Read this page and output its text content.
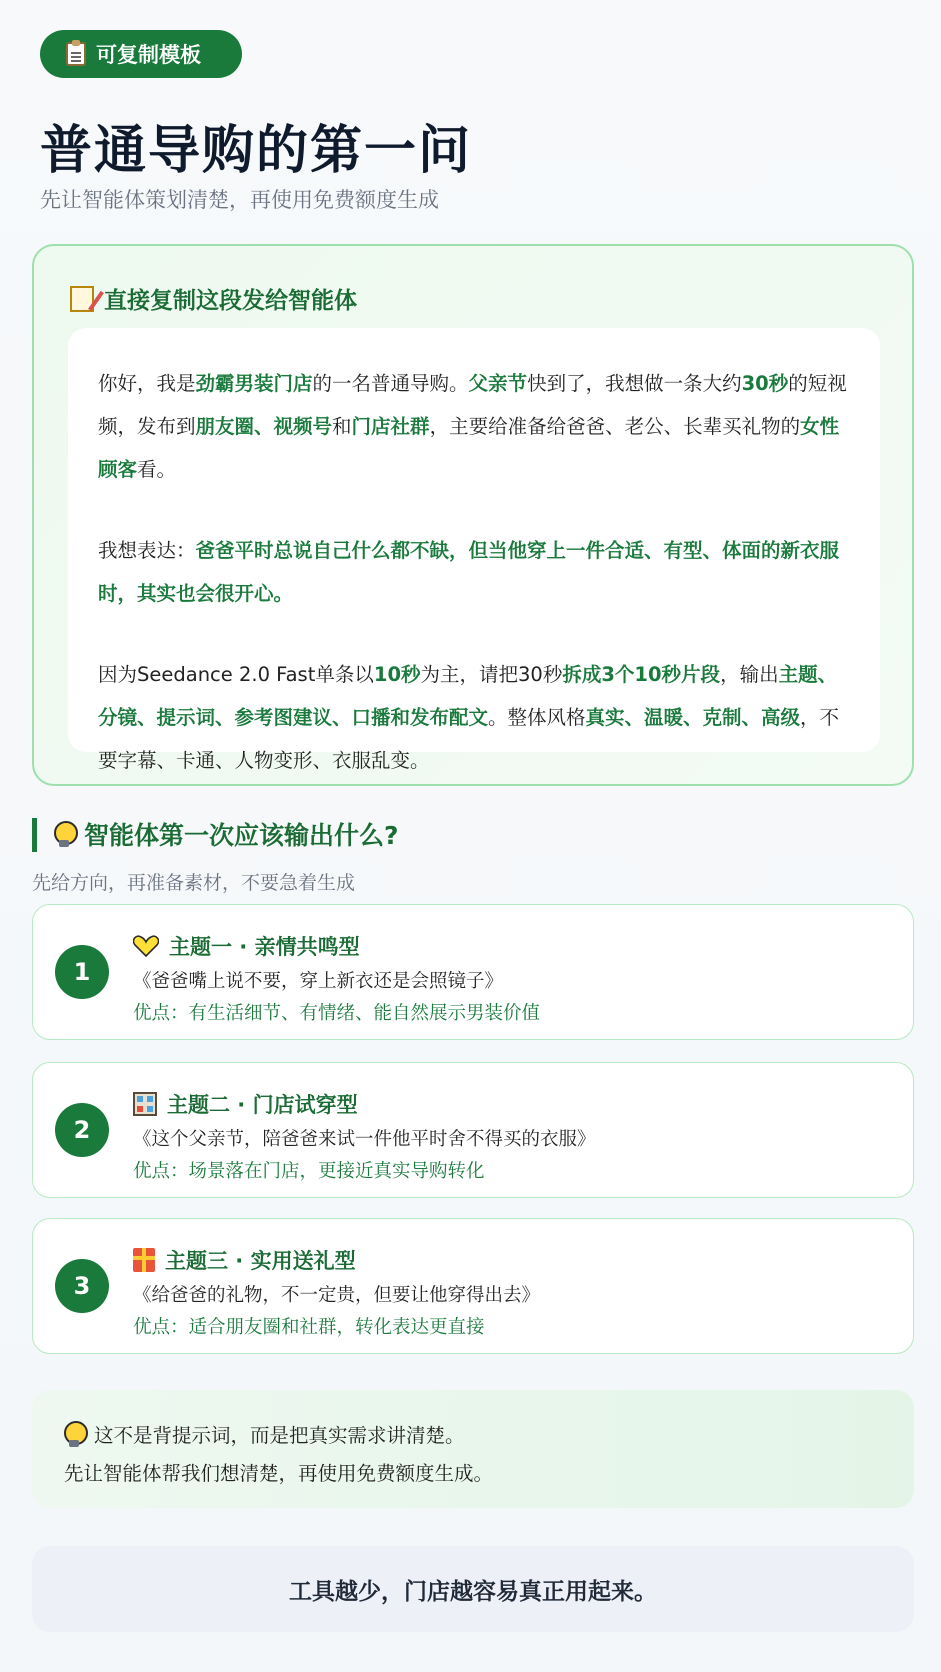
可复制模板
普通导购的第一问
先让智能体策划清楚，再使用免费额度生成
直接复制这段发给智能体

你好，我是劲霸男装门店的一名普通导购。父亲节快到了，我想做一条大约30秒的短视频，发布到朋友圈、视频号和门店社群，主要给准备给爸爸、老公、长辈买礼物的女性顾客看。

我想表达：爸爸平时总说自己什么都不缺，但当他穿上一件合适、有型、体面的新衣服时，其实也会很开心。

因为Seedance 2.0 Fast单条以10秒为主，请把30秒拆成3个10秒片段，输出主题、分镜、提示词、参考图建议、口播和发布配文。整体风格真实、温暖、克制、高级，不要字幕、卡通、人物变形、衣服乱变。

智能体第一次应该输出什么?
先给方向，再准备素材，不要急着生成
1
主题一 · 亲情共鸣型
《爸爸嘴上说不要，穿上新衣还是会照镜子》
优点：有生活细节、有情绪、能自然展示男装价值
2
主题二 · 门店试穿型
《这个父亲节，陪爸爸来试一件他平时舍不得买的衣服》
优点：场景落在门店，更接近真实导购转化
3
主题三 · 实用送礼型
《给爸爸的礼物，不一定贵，但要让他穿得出去》
优点：适合朋友圈和社群，转化表达更直接
这不是背提示词，而是把真实需求讲清楚。
先让智能体帮我们想清楚，再使用免费额度生成。
工具越少，门店越容易真正用起来。
